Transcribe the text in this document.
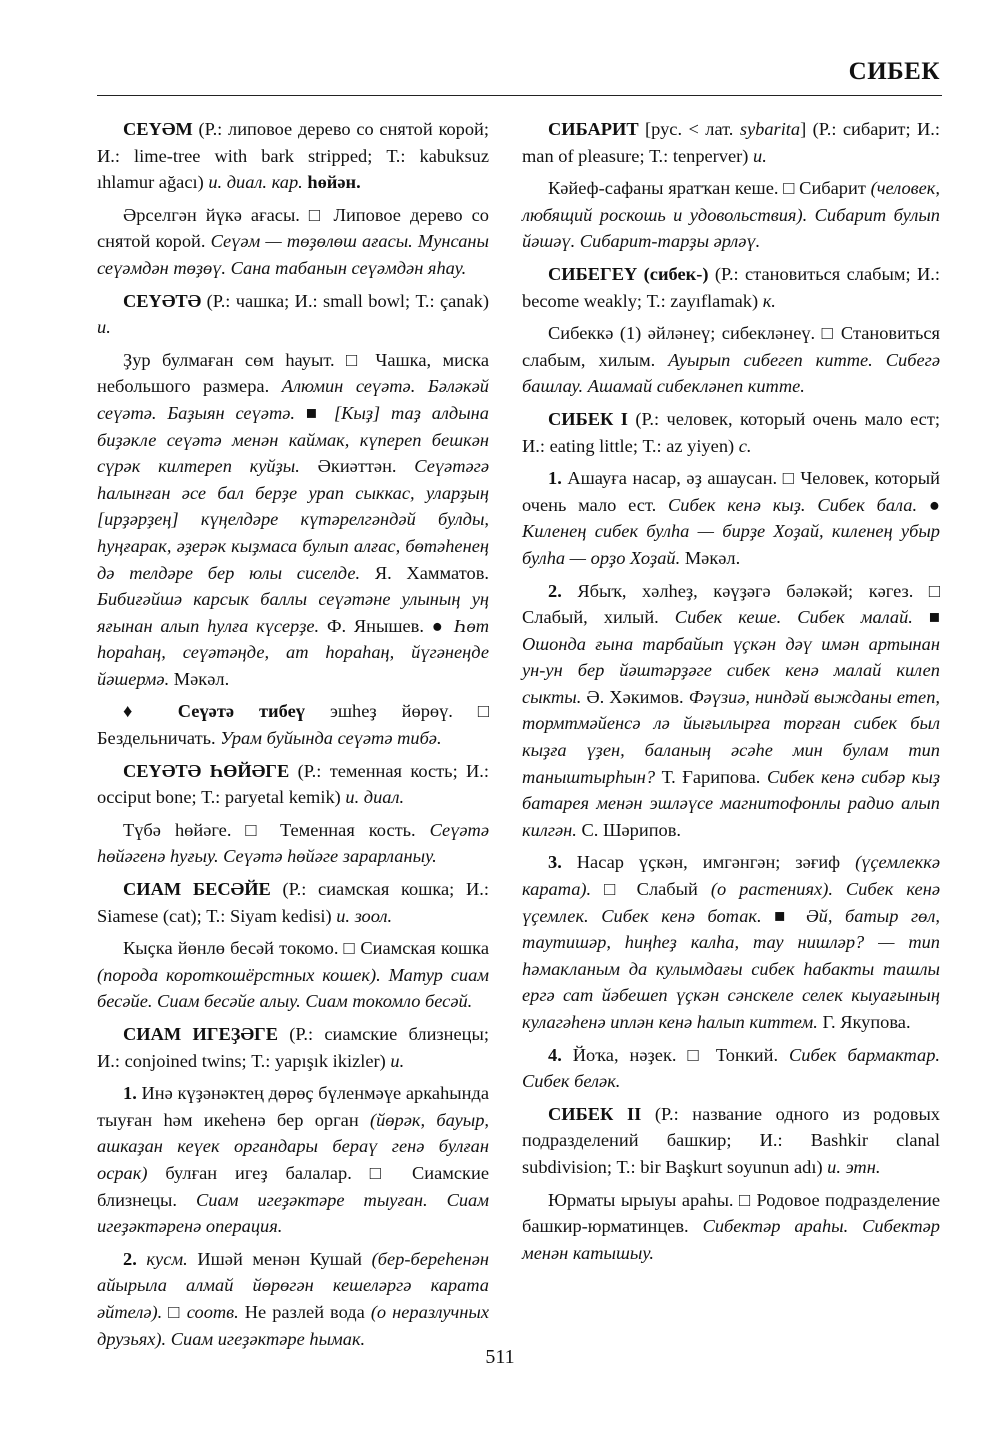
СИБЕК

СЕҮӘМ (Р.: липовое дерево со снятой корой; И.: lime-tree with bark stripped; Т.: kabuksuz ıhlamur ağacı) и. диал. кар. һөйән.

Әрселгән йүкә ағасы. □ Липовое дерево со снятой корой. Сеүәм — төҙөлөш ағасы. Мунсаны сеүәмдән төҙөү. Сана табанын сеүәмдән яһау.

СЕҮӘТӘ (Р.: чашка; И.: small bowl; Т.: çanak) и.

Ҙур булмаған сөм һауыт. □ Чашка, миска небольшого размера. Алюмин сеүәтә. Бәләкәй сеүәтә. Баҙыян сеүәтә. ■ [Кыҙ] таҙ алдына биҙәкле сеүәтә менән каймак, күпереп бешкән сүрәк килтереп куйҙы. Әкиәттән. Сеүәтәгә һалынған әсе бал берҙе урап сыккас, уларҙың [ирҙәрҙең] күңелдәре күтәрелгәндәй булды, һуңғарак, әҙерәк кыҙмаса булып алғас, бөтәһенең дә телдәре бер юлы сиселде. Я. Хамматов. Бибиғәйшә карсык баллы сеүәтәне улының уң яғынан алып һулға күсерҙе. Ф. Янышев. ● Һөт һораһаң, сеүәтәңде, ат һораһаң, йүгәнеңде йәшермә. Мәкәл.

♦ Сеүәтә тибеү эшһеҙ йөрөү. □ Бездельничать. Урам буйында сеүәтә тибә.

СЕҮӘТӘ ҺӨЙӘГЕ (Р.: теменная кость; И.: occiput bone; Т.: paryetal kemik) и. диал.

Түбә һөйәге. □ Теменная кость. Сеүәтә һөйәгенә һуғыу. Сеүәтә һөйәге зарарланыу.

СИАМ БЕСӘЙЕ (Р.: сиамская кошка; И.: Siamese (cat); Т.: Siyam kedisi) и. зоол.

Кыҫка йөнлө бесәй токомо. □ Сиамская кошка (порода короткошёрстных кошек). Матур сиам бесәйе. Сиам бесәйе алыу. Сиам токомло бесәй.

СИАМ ИГЕҘӘГЕ (Р.: сиамские близнецы; И.: conjoined twins; Т.: yapışık ikizler) и.

1. Инә күҙәнәктең дөрөҫ бүленмәүе аркаһында тыуған һәм икеһенә бер орган (йөрәк, бауыр, ашкаҙан кеүек органдары бераү генә булған осрак) булған игеҙ балалар. □ Сиамские близнецы. Сиам игеҙәктәре тыуған. Сиам игеҙәктәренә операция.

2. кусм. Ишәй менән Кушай (бер-береһенән айырыла алмай йөрөгән кешеләргә карата әйтелә). □ соотв. Не разлей вода (о неразлучных друзьях). Сиам игеҙәктәре һымак.

СИБАРИТ [рус. < лат. sybarita] (Р.: сибарит; И.: man of pleasure; Т.: tenperver) и.

Кәйеф-сафаны яратҡан кеше. □ Сибарит (человек, любящий роскошь и удовольствия). Сибарит булып йәшәү. Сибарит-тарҙы әрләү.

СИБЕГЕҮ (сибек-) (Р.: становиться слабым; И.: become weakly; Т.: zayıflamak) к.

Сибеккә (1) әйләнеү; сибекләнеү. □ Становиться слабым, хилым. Ауырып сибегеп китте. Сибегә башлау. Ашамай сибекләнеп китте.

СИБЕК I (Р.: человек, который очень мало ест; И.: eating little; Т.: az yiyen) с.

1. Ашауға насар, әҙ ашаусан. □ Человек, который очень мало ест. Сибек кенә кыҙ. Сибек бала. ● Киленең сибек булһа — бирҙе Хоҙай, киленең убыр булһа — орҙо Хоҙай. Мәкәл.

2. Ябыҡ, хәлһеҙ, кәүҙәгә бәләкәй; кәгез. □ Слабый, хилый. Сибек кеше. Сибек малай. ■ Ошонда ғына тарбайып үҫкән дәү имән артынан ун-ун бер йәштәрҙәге сибек кенә малай килеп сыкты. Ә. Хәкимов. Фәүзиә, ниндәй выжданы етеп, тормтмәйенсә лә йығылырға торған сибек был кыҙға үҙен, баланың әсәһе мин булам тип таныштырһын? Т. Ғарипова. Сибек кенә сибәр кыҙ батарея менән эшләүсе магнитофонлы радио алып килгән. С. Шәрипов.

3. Насар үҫкән, имгәнгән; зәғиф (үҫемлеккә карата). □ Слабый (о растениях). Сибек кенә үҫемлек. Сибек кенә ботак. ■ Әй, батыр гөл, таутишәр, һиңһеҙ калһа, тау нишләр? — тип һәмакланым да кулымдағы сибек һабакты ташлы ергә сат йәбешеп үҫкән сәнскеле селек кыуағының кулагәһенә иплән кенә һалып киттем. Г. Якупова.

4. Йоҡа, нәҙек. □ Тонкий. Сибек бармактар. Сибек беләк.

СИБЕК II (Р.: название одного из родовых подразделений башкир; И.: Bashkir clanal subdivision; Т.: bir Başkurt soyunun adı) и. этн.

Юрматы ырыуы араһы. □ Родовое подразделение башкир-юрматинцев. Сибектәр араһы. Сибектәр менән катышыу.

511
